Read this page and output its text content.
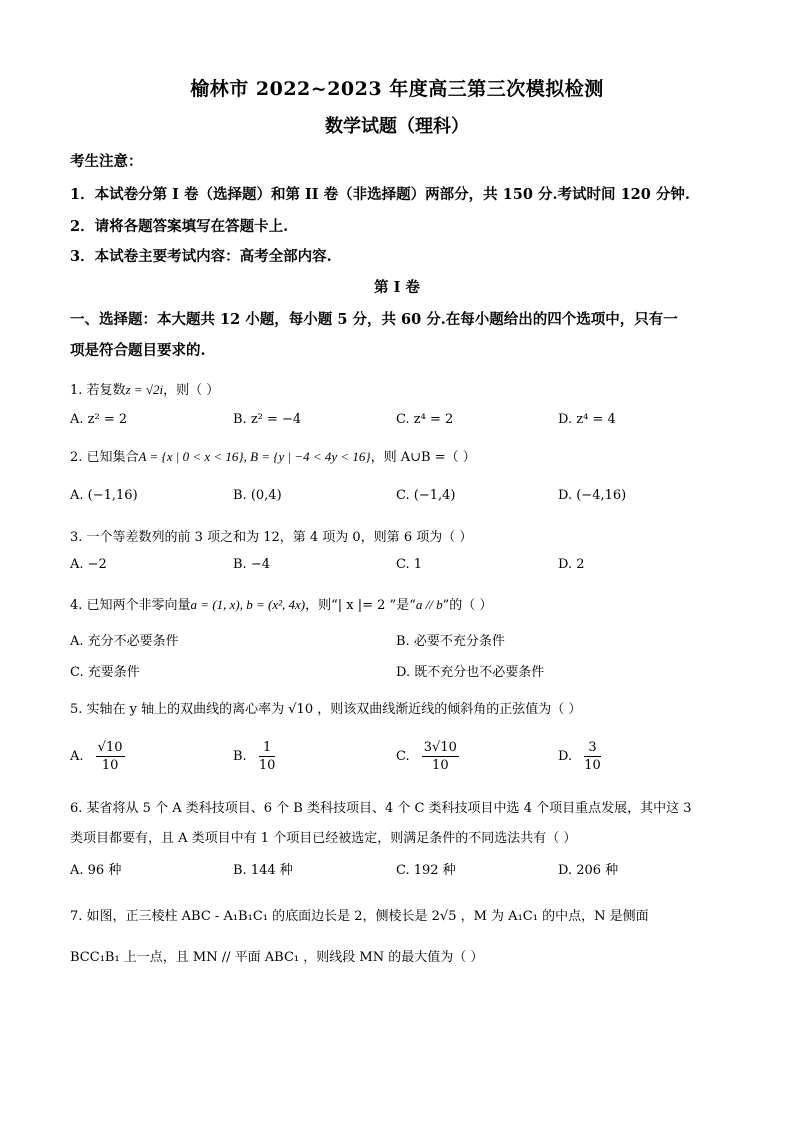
榆林市 2022~2023 年度高三第三次模拟检测
数学试题（理科）
考生注意：
1．本试卷分第 I 卷（选择题）和第 II 卷（非选择题）两部分，共 150 分.考试时间 120 分钟.
2．请将各题答案填写在答题卡上.
3．本试卷主要考试内容：高考全部内容.
第 I 卷
一、选择题：本大题共 12 小题，每小题 5 分，共 60 分.在每小题给出的四个选项中，只有一
项是符合题目要求的.
1. 若复数z = √2i，则（ ）
A. z² = 2	B. z² = −4	C. z⁴ = 2	D. z⁴ = 4
2. 已知集合A = {x | 0 < x < 16}, B = {y | −4 < 4y < 16}，则 A∪B =（ ）
A. (−1,16)	B. (0,4)	C. (−1,4)	D. (−4,16)
3. 一个等差数列的前 3 项之和为 12，第 4 项为 0，则第 6 项为（ ）
A. −2	B. −4	C. 1	D. 2
4. 已知两个非零向量a = (1, x), b = (x², 4x)，则“| x |= 2 ”是“a // b”的（ ）
A. 充分不必要条件	B. 必要不充分条件
C. 充要条件	D. 既不充分也不必要条件
5. 实轴在 y 轴上的双曲线的离心率为 √10 ，则该双曲线渐近线的倾斜角的正弦值为（ ）
A. $\frac{√10}{10}$	B. $\frac{1}{10}$	C. $\frac{3√10}{10}$	D. $\frac{3}{10}$
6. 某省将从 5 个 A 类科技项目、6 个 B 类科技项目、4 个 C 类科技项目中选 4 个项目重点发展，其中这 3
类项目都要有，且 A 类项目中有 1 个项目已经被选定，则满足条件的不同选法共有（ ）
A. 96 种	B. 144 种	C. 192 种	D. 206 种
7. 如图，正三棱柱 ABC - A₁B₁C₁ 的底面边长是 2，侧棱长是 2√5 ，M 为 A₁C₁ 的中点，N 是侧面
BCC₁B₁ 上一点，且 MN // 平面 ABC₁ ，则线段 MN 的最大值为（ ）
